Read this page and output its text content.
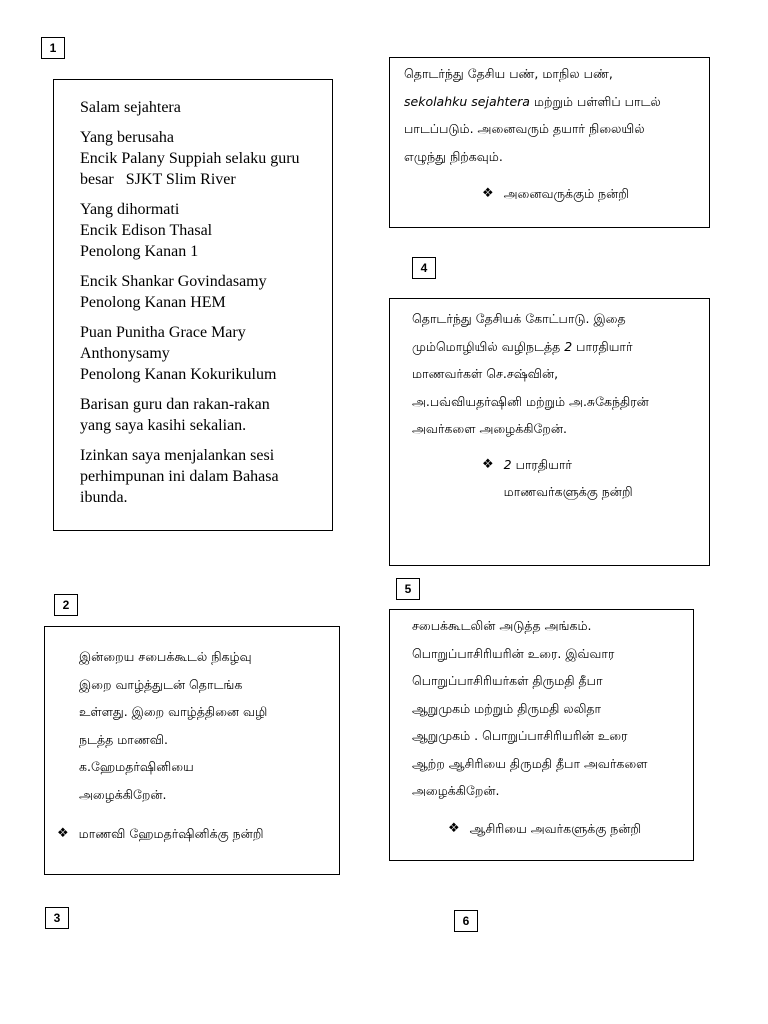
1
2
3
4
5
6

Salam sejahtera

Yang berusaha
Encik Palany Suppiah selaku guru
besar   SJKT Slim River

Yang dihormati
Encik Edison Thasal
Penolong Kanan 1

Encik Shankar Govindasamy
Penolong Kanan HEM

Puan Punitha Grace Mary
Anthonysamy
Penolong Kanan Kokurikulum

Barisan guru dan rakan-rakan
yang saya kasihi sekalian.

Izinkan saya menjalankan sesi
perhimpunan ini dalam Bahasa
ibunda.

இன்றைய சபைக்கூடல் நிகழ்வு

இறை வாழ்த்துடன் தொடங்க

உள்ளது. இறை வாழ்த்தினை வழி

நடத்த மாணவி.

க.ஹேமதர்ஷினியை

அழைக்கிறேன்.

❖ மாணவி ஹேமதர்ஷினிக்கு நன்றி

தொடர்ந்து தேசிய பண், மாநில பண்,

sekolahku sejahtera மற்றும் பள்ளிப் பாடல்

பாடப்படும். அனைவரும் தயார் நிலையில்

எழுந்து நிற்கவும்.

❖ அனைவருக்கும் நன்றி

தொடர்ந்து தேசியக் கோட்பாடு. இதை

மும்மொழியில் வழிநடத்த 2 பாரதியார்

மாணவர்கள் செ.சஷ்வின்,

அ.பவ்வியதர்ஷினி மற்றும் அ.சுகேந்திரன்

அவர்களை அழைக்கிறேன்.

❖ 2 பாரதியார்
மாணவர்களுக்கு நன்றி

சபைக்கூடலின் அடுத்த அங்கம்.

பொறுப்பாசிரியரின் உரை. இவ்வார

பொறுப்பாசிரியர்கள் திருமதி தீபா

ஆறுமுகம் மற்றும் திருமதி லலிதா

ஆறுமுகம் . பொறுப்பாசிரியரின் உரை

ஆற்ற ஆசிரியை திருமதி தீபா அவர்களை

அழைக்கிறேன்.

❖ ஆசிரியை அவர்களுக்கு நன்றி
